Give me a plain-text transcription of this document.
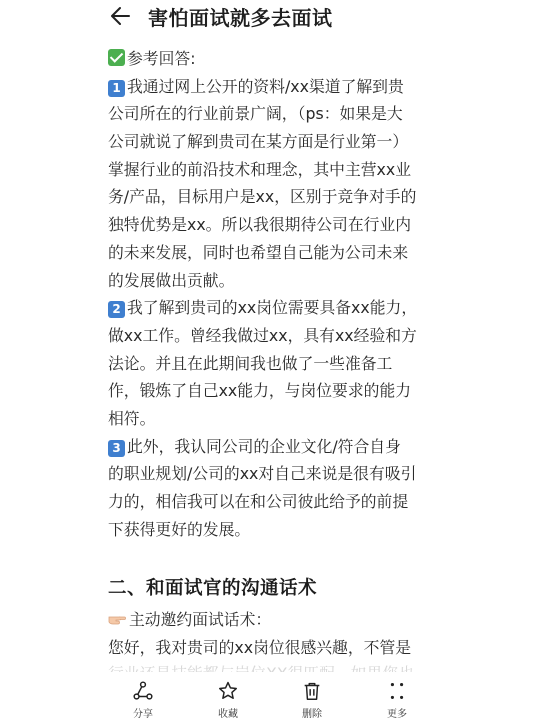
害怕面试就多去面试
参考回答:
1 我通过网上公开的资料/xx渠道了解到贵
公司所在的行业前景广阔，（ps：如果是大
公司就说了解到贵司在某方面是行业第一）
掌握行业的前沿技术和理念，其中主营xx业
务/产品，目标用户是xx，区别于竞争对手的
独特优势是xx。所以我很期待公司在行业内
的未来发展，同时也希望自己能为公司未来
的发展做出贡献。
2 我了解到贵司的xx岗位需要具备xx能力，
做xx工作。曾经我做过xx，具有xx经验和方
法论。并且在此期间我也做了一些准备工
作，锻炼了自己xx能力，与岗位要求的能力
相符。
3 此外，我认同公司的企业文化/符合自身
的职业规划/公司的xx对自己来说是很有吸引
力的，相信我可以在和公司彼此给予的前提
下获得更好的发展。
二、和面试官的沟通话术
主动邀约面试话术：
您好，我对贵司的xx岗位很感兴趣，不管是
分享	收藏	删除	更多
